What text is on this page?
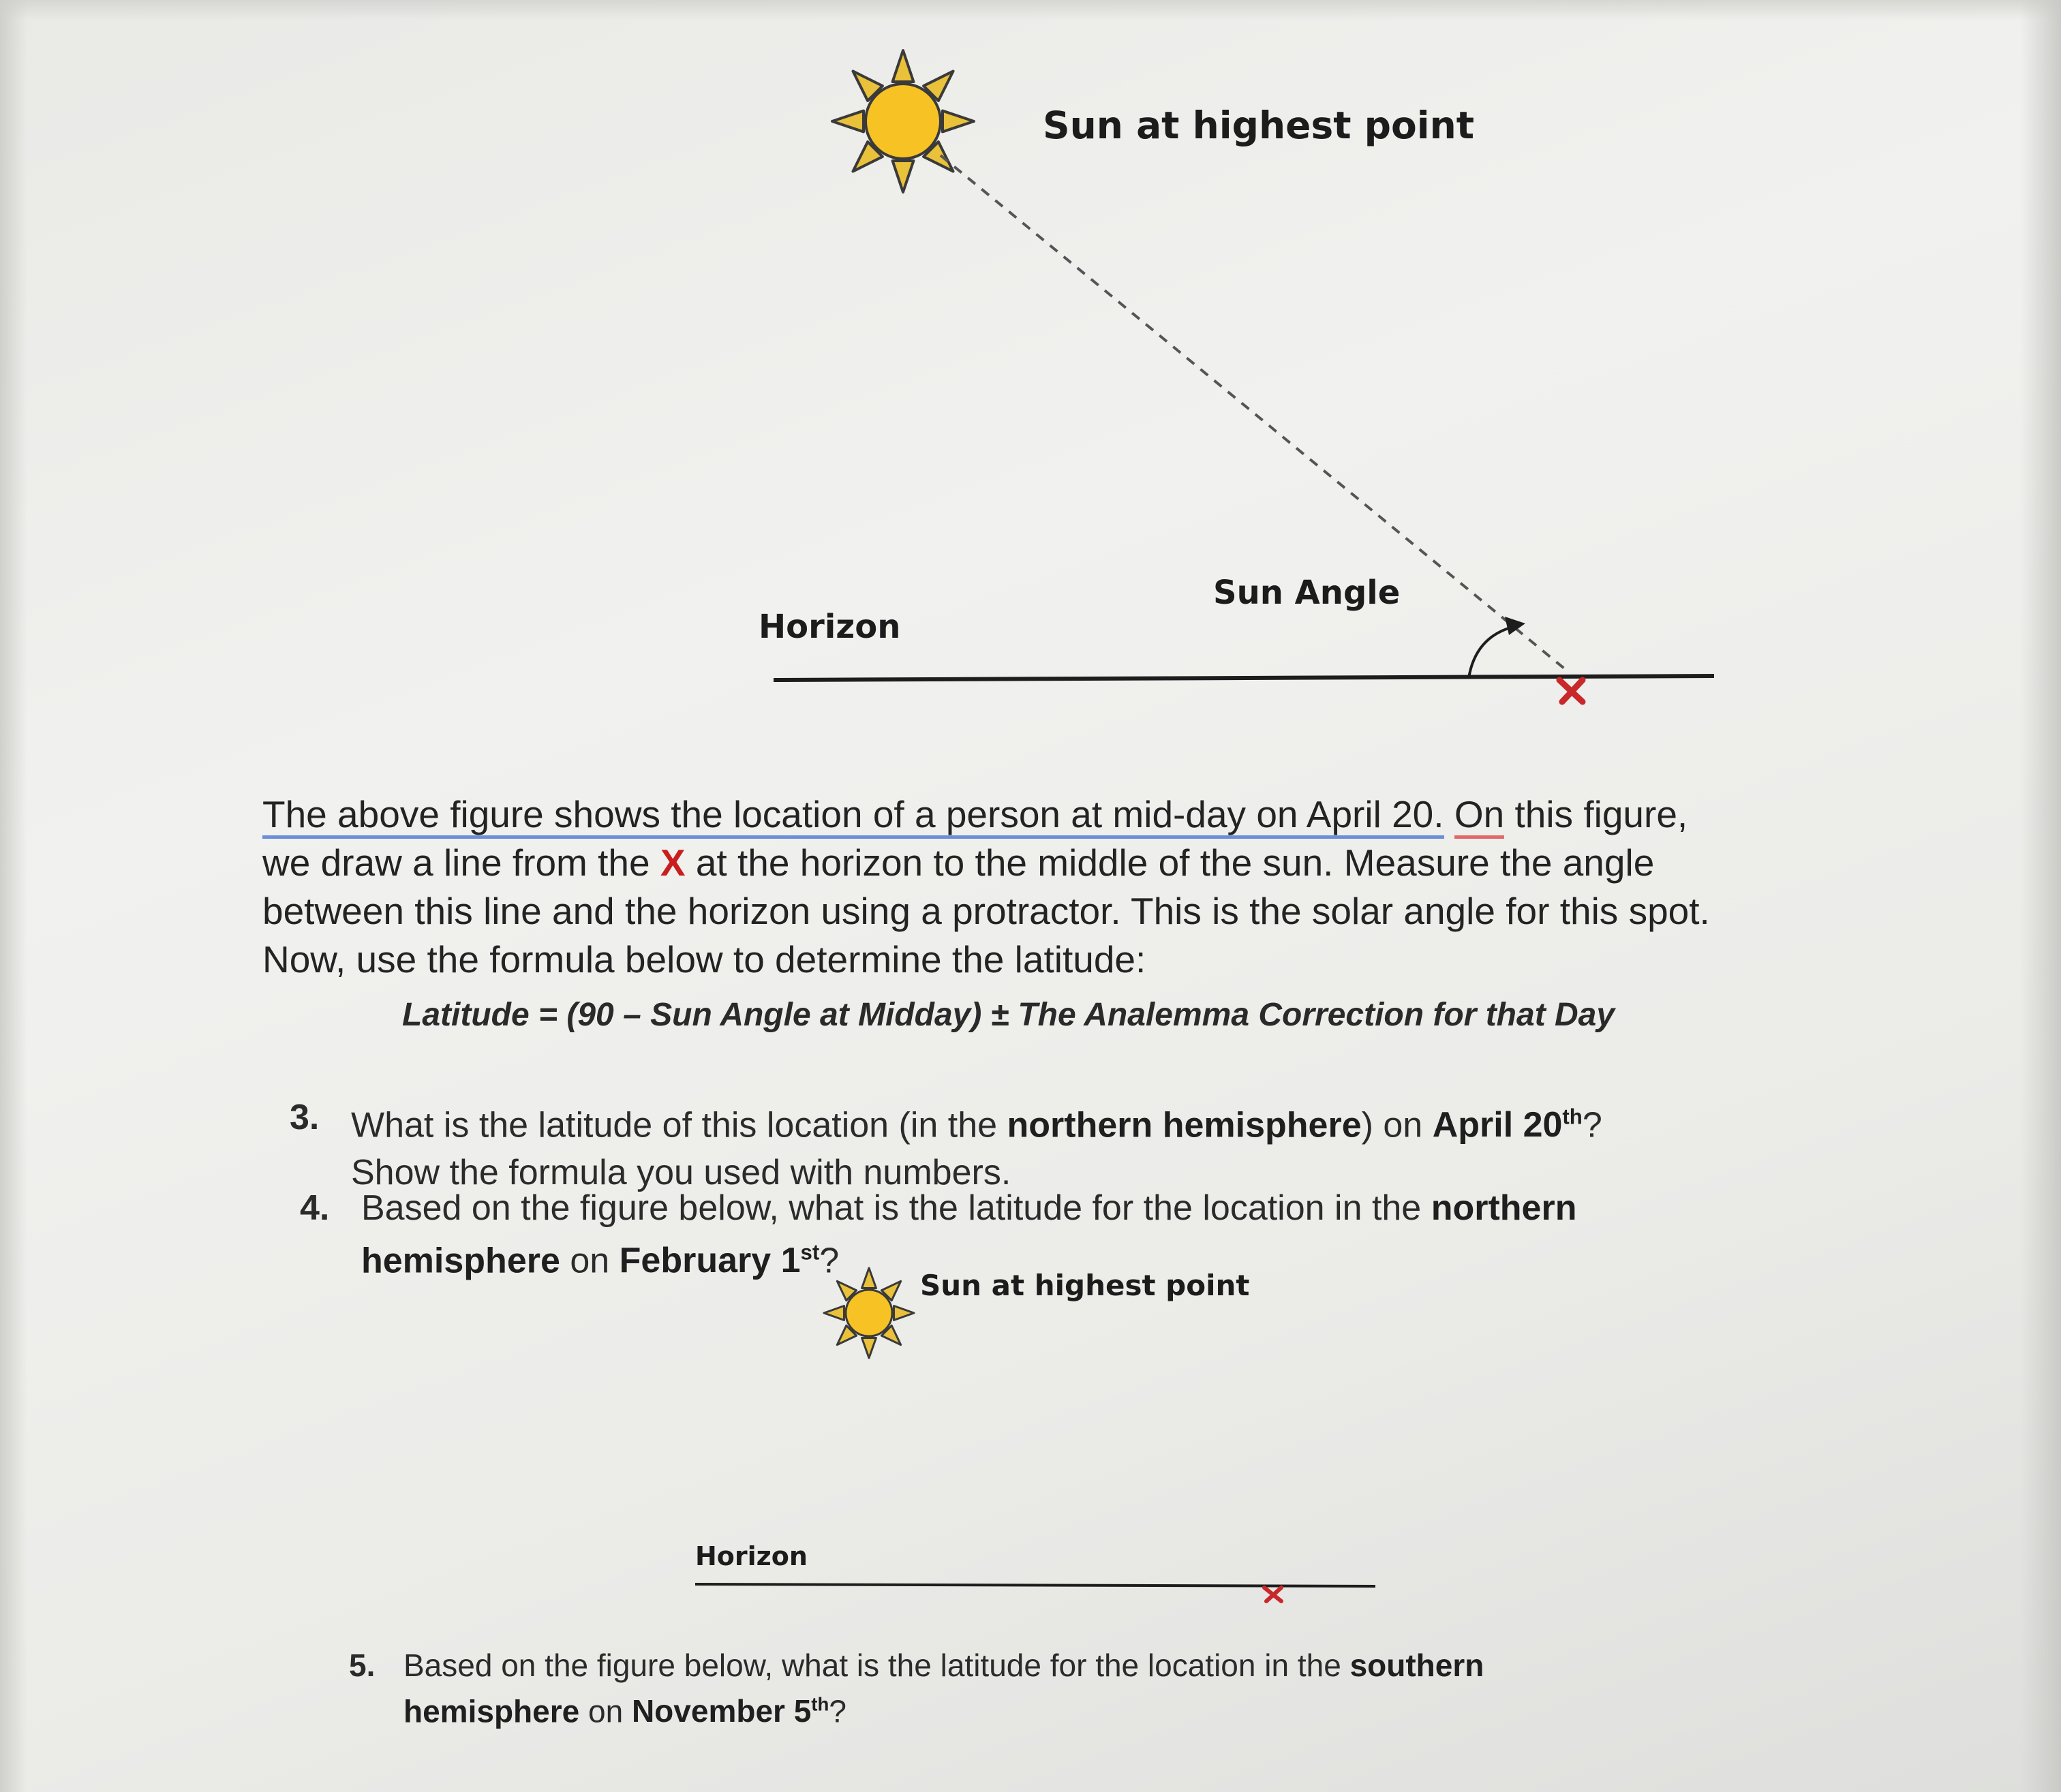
Sun at highest point
Sun Angle
Horizon
The above figure shows the location of a person at mid-day on April 20. On this figure,
we draw a line from the X at the horizon to the middle of the sun. Measure the angle
between this line and the horizon using a protractor. This is the solar angle for this spot.
Now, use the formula below to determine the latitude:
Latitude = (90 – Sun Angle at Midday) ± The Analemma Correction for that Day
3. What is the latitude of this location (in the northern hemisphere) on April 20th?
Show the formula you used with numbers.
4. Based on the figure below, what is the latitude for the location in the northern
hemisphere on February 1st?
Sun at highest point
Horizon
5. Based on the figure below, what is the latitude for the location in the southern
hemisphere on November 5th?
